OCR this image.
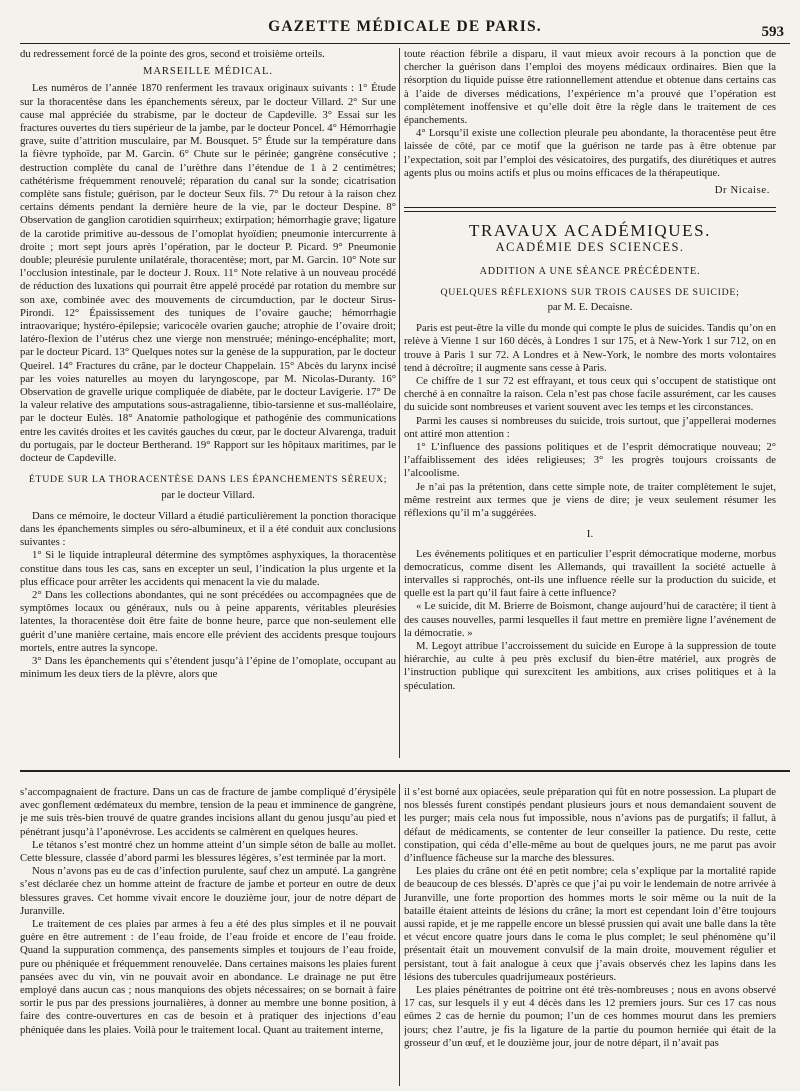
GAZETTE MÉDICALE DE PARIS.	593

du redressement forcé de la pointe des gros, second et troisième orteils.

MARSEILLE MÉDICAL.

Les numéros de l’année 1870 renferment les travaux originaux suivants : 1° Étude sur la thoracentèse dans les épanchements séreux, par le docteur Villard. 2° Sur une cause mal appréciée du strabisme, par le docteur de Capdeville. 3° Essai sur les fractures ouvertes du tiers supérieur de la jambe, par le docteur Poncel. 4° Hémorrhagie grave, suite d’attrition musculaire, par M. Bousquet. 5° Étude sur la température dans la fièvre typhoïde, par M. Garcin. 6° Chute sur le périnée; gangrène consécutive ; destruction complète du canal de l’urèthre dans l’étendue de 1 à 2 centimètres; cathétérisme fréquemment renouvelé; réparation du canal sur la sonde; cicatrisation complète sans fistule; guérison, par le docteur Seux fils. 7° Du retour à la raison chez certains déments pendant la dernière heure de la vie, par le docteur Despine. 8° Observation de ganglion carotidien squirrheux; extirpation; hémorrhagie grave; ligature de la carotide primitive au-dessous de l’omoplat hyoïdien; pneumonie intercurrente à droite ; mort sept jours après l’opération, par le docteur P. Picard. 9° Pneumonie double; pleurésie purulente unilatérale, thoracentèse; mort, par M. Garcin. 10° Note sur l’occlusion intestinale, par le docteur J. Roux. 11° Note relative à un nouveau procédé de réduction des luxations qui pourrait être appelé procédé par rotation du membre sur son axe, combinée avec des mouvements de circumduction, par le docteur Sirus-Pirondi. 12° Épaississement des tuniques de l’ovaire gauche; hémorrhagie intraovarique; hystéro-épilepsie; varicocèle ovarien gauche; atrophie de l’ovaire droit; latéro-flexion de l’utérus chez une vierge non menstruée; méningo-encéphalite; mort, par le docteur Picard. 13° Quelques notes sur la genèse de la suppuration, par le docteur Queirel. 14° Fractures du crâne, par le docteur Chappelain. 15° Abcès du larynx incisé par les voies naturelles au moyen du laryngoscope, par M. Nicolas-Duranty. 16° Observation de gravelle urique compliquée de diabète, par le docteur Lavigerie. 17° De la valeur relative des amputations sous-astragalienne, tibio-tarsienne et sus-malléolaire, par le docteur Eulès. 18° Anatomie pathologique et pathogénie des communications entre les cavités droites et les cavités gauches du cœur, par le docteur Alvarenga, traduit du portugais, par le docteur Bertherand. 19° Rapport sur les hôpitaux maritimes, par le docteur de Capdeville.

ÉTUDE SUR LA THORACENTÈSE DANS LES ÉPANCHEMENTS SÉREUX;
par le docteur Villard.

Dans ce mémoire, le docteur Villard a étudié particulièrement la ponction thoracique dans les épanchements simples ou séro-albumineux, et il a été conduit aux conclusions suivantes :

1° Si le liquide intrapleural détermine des symptômes asphyxiques, la thoracentèse constitue dans tous les cas, sans en excepter un seul, l’indication la plus urgente et la plus efficace pour arrêter les accidents qui menacent la vie du malade.

2° Dans les collections abondantes, qui ne sont précédées ou accompagnées que de symptômes locaux ou généraux, nuls ou à peine apparents, véritables pleurésies latentes, la thoracentèse doit être faite de bonne heure, parce que non-seulement elle guérit d’une manière certaine, mais encore elle prévient des accidents presque toujours mortels, entre autres la syncope.

3° Dans les épanchements qui s’étendent jusqu’à l’épine de l’omoplate, occupant au minimum les deux tiers de la plèvre, alors que

toute réaction fébrile a disparu, il vaut mieux avoir recours à la ponction que de chercher la guérison dans l’emploi des moyens médicaux ordinaires. Bien que la résorption du liquide puisse être rationnellement attendue et obtenue dans certains cas à l’aide de diverses médications, l’expérience m’a prouvé que l’opération est complètement inoffensive et qu’elle doit être la règle dans le traitement de ces épanchements.

4° Lorsqu’il existe une collection pleurale peu abondante, la thoracentèse peut être laissée de côté, par ce motif que la guérison ne tarde pas à être obtenue par l’expectation, soit par l’emploi des vésicatoires, des purgatifs, des diurétiques et autres agents plus ou moins actifs et plus ou moins efficaces de la thérapeutique.

Dr Nicaise.
TRAVAUX ACADÉMIQUES.
ACADÉMIE DES SCIENCES.
ADDITION A UNE SÉANCE PRÉCÉDENTE.
QUELQUES RÉFLEXIONS SUR TROIS CAUSES DE SUICIDE;
par M. E. Decaisne.

Paris est peut-être la ville du monde qui compte le plus de suicides. Tandis qu’on en relève à Vienne 1 sur 160 décès, à Londres 1 sur 175, et à New-York 1 sur 712, on en trouve à Paris 1 sur 72. A Londres et à New-York, le nombre des morts volontaires tend à décroître; il augmente sans cesse à Paris.

Ce chiffre de 1 sur 72 est effrayant, et tous ceux qui s’occupent de statistique ont cherché à en connaître la raison. Cela n’est pas chose facile assurément, car les causes du suicide sont nombreuses et varient souvent avec les temps et les circonstances.

Parmi les causes si nombreuses du suicide, trois surtout, que j’appellerai modernes ont attiré mon attention :

1° L’influence des passions politiques et de l’esprit démocratique nouveau; 2° l’affaiblissement des idées religieuses; 3° les progrès toujours croissants de l’alcoolisme.

Je n’ai pas la prétention, dans cette simple note, de traiter complètement le sujet, même restreint aux termes que je viens de dire; je veux seulement résumer les réflexions qu’il m’a suggérées.

I.

Les événements politiques et en particulier l’esprit démocratique moderne, morbus democraticus, comme disent les Allemands, qui travaillent la société actuelle à intervalles si rapprochés, ont-ils une influence réelle sur la production du suicide, et quelle est la part qu’il faut faire à cette influence?

« Le suicide, dit M. Brierre de Boismont, change aujourd’hui de caractère; il tient à des causes nouvelles, parmi lesquelles il faut mettre en première ligne l’avénement de la démocratie. »

M. Legoyt attribue l’accroissement du suicide en Europe à la suppression de toute hiérarchie, au culte à peu près exclusif du bien-être matériel, aux progrès de l’instruction publique qui surexcitent les ambitions, aux crises politiques et à la spéculation.

s’accompagnaient de fracture. Dans un cas de fracture de jambe compliqué d’érysipèle avec gonflement œdémateux du membre, tension de la peau et imminence de gangrène, je me suis très-bien trouvé de quatre grandes incisions allant du genou jusqu’au pied et pénétrant jusqu’à l’aponévrose. Les accidents se calmèrent en quelques heures.

Le tétanos s’est montré chez un homme atteint d’un simple séton de balle au mollet. Cette blessure, classée d’abord parmi les blessures légères, s’est terminée par la mort.

Nous n’avons pas eu de cas d’infection purulente, sauf chez un amputé. La gangrène s’est déclarée chez un homme atteint de fracture de jambe et porteur en outre de deux blessures graves. Cet homme vivait encore le douzième jour, jour de notre départ de Juranville.

Le traitement de ces plaies par armes à feu a été des plus simples et il ne pouvait guère en être autrement : de l’eau froide, de l’eau froide et encore de l’eau froide. Quand la suppuration commença, des pansements simples et toujours de l’eau froide, pure ou phéniquée et fréquemment renouvelée. Dans certaines maisons les plaies furent pansées avec du vin, vin ne pouvait avoir en abondance. Le drainage ne put être employé dans aucun cas ; nous manquions des objets nécessaires; on se bornait à faire sortir le pus par des pressions journalières, à donner au membre une bonne position, à faire des contre-ouvertures en cas de besoin et à pratiquer des injections d’eau phéniquée dans les plaies. Voilà pour le traitement local. Quant au traitement interne,

il s’est borné aux opiacées, seule préparation qui fût en notre possession. La plupart de nos blessés furent constipés pendant plusieurs jours et nous demandaient souvent de les purger; mais cela nous fut impossible, nous n’avions pas de purgatifs; il fallut, à défaut de médicaments, se contenter de leur conseiller la patience. Du reste, cette constipation, qui céda d’elle-même au bout de quelques jours, ne me parut pas avoir d’influence fâcheuse sur la marche des blessures.

Les plaies du crâne ont été en petit nombre; cela s’explique par la mortalité rapide de beaucoup de ces blessés. D’après ce que j’ai pu voir le lendemain de notre arrivée à Juranville, une forte proportion des hommes morts le soir même ou la nuit de la bataille étaient atteints de lésions du crâne; la mort est cependant loin d’être toujours aussi rapide, et je me rappelle encore un blessé prussien qui avait une balle dans la tête et vécut encore quatre jours dans le coma le plus complet; le seul phénomène qu’il présentait était un mouvement convulsif de la main droite, mouvement régulier et persistant, tout à fait analogue à ceux que j’avais observés chez les lapins dans les lésions des tubercules quadrijumeaux postérieurs.

Les plaies pénétrantes de poitrine ont été très-nombreuses ; nous en avons observé 17 cas, sur lesquels il y eut 4 décès dans les 12 premiers jours. Sur ces 17 cas nous eûmes 2 cas de hernie du poumon; l’un de ces hommes mourut dans les premiers jours; chez l’autre, je fis la ligature de la partie du poumon herniée qui était de la grosseur d’un œuf, et le douzième jour, jour de notre départ, il n’avait pas
